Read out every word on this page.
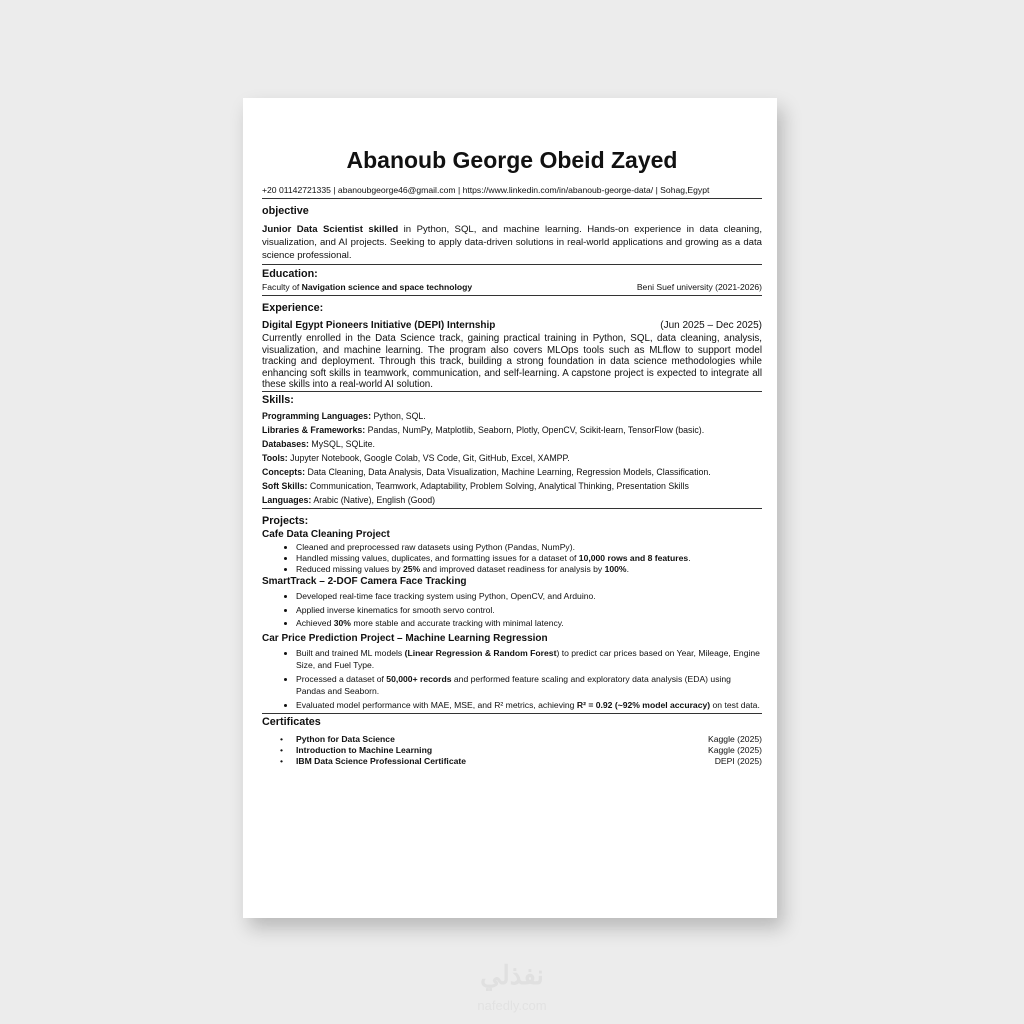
Abanoub George Obeid Zayed
+20 01142721335 | abanoubgeorge46@gmail.com | https://www.linkedin.com/in/abanoub-george-data/ | Sohag,Egypt
objective
Junior Data Scientist skilled in Python, SQL, and machine learning. Hands-on experience in data cleaning, visualization, and AI projects. Seeking to apply data-driven solutions in real-world applications and growing as a data science professional.
Education:
Faculty of Navigation science and space technology	Beni Suef university (2021-2026)
Experience:
Digital Egypt Pioneers Initiative (DEPI) Internship	(Jun 2025 – Dec 2025)
Currently enrolled in the Data Science track, gaining practical training in Python, SQL, data cleaning, analysis, visualization, and machine learning. The program also covers MLOps tools such as MLflow to support model tracking and deployment. Through this track, building a strong foundation in data science methodologies while enhancing soft skills in teamwork, communication, and self-learning. A capstone project is expected to integrate all these skills into a real-world AI solution.
Skills:
Programming Languages: Python, SQL.
Libraries & Frameworks: Pandas, NumPy, Matplotlib, Seaborn, Plotly, OpenCV, Scikit-learn, TensorFlow (basic).
Databases: MySQL, SQLite.
Tools: Jupyter Notebook, Google Colab, VS Code, Git, GitHub, Excel, XAMPP.
Concepts: Data Cleaning, Data Analysis, Data Visualization, Machine Learning, Regression Models, Classification.
Soft Skills: Communication, Teamwork, Adaptability, Problem Solving, Analytical Thinking, Presentation Skills
Languages: Arabic (Native), English (Good)
Projects:
Cafe Data Cleaning Project
• Cleaned and preprocessed raw datasets using Python (Pandas, NumPy).
• Handled missing values, duplicates, and formatting issues for a dataset of 10,000 rows and 8 features.
• Reduced missing values by 25% and improved dataset readiness for analysis by 100%.
SmartTrack – 2-DOF Camera Face Tracking
• Developed real-time face tracking system using Python, OpenCV, and Arduino.
• Applied inverse kinematics for smooth servo control.
• Achieved 30% more stable and accurate tracking with minimal latency.
Car Price Prediction Project – Machine Learning Regression
• Built and trained ML models (Linear Regression & Random Forest) to predict car prices based on Year, Mileage, Engine Size, and Fuel Type.
• Processed a dataset of 50,000+ records and performed feature scaling and exploratory data analysis (EDA) using Pandas and Seaborn.
• Evaluated model performance with MAE, MSE, and R² metrics, achieving R² = 0.92 (~92% model accuracy) on test data.
Certificates
• Python for Data Science	Kaggle (2025)
• Introduction to Machine Learning	Kaggle (2025)
• IBM Data Science Professional Certificate	DEPI (2025)
نفذلي
nafedly.com
